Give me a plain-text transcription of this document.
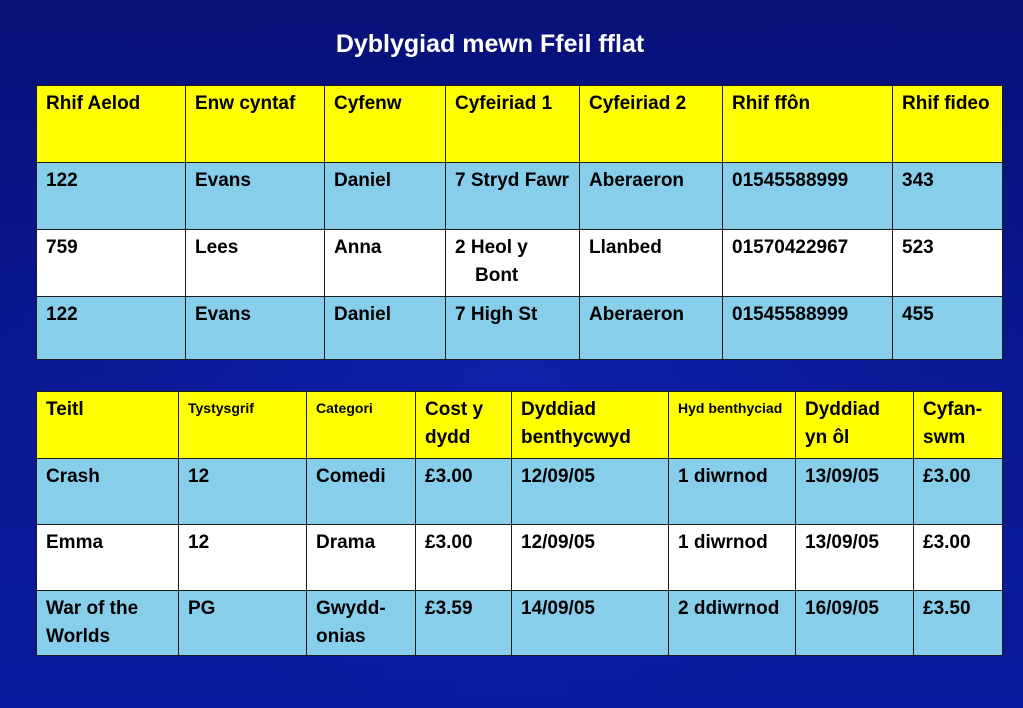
Dyblygiad mewn Ffeil fflat
Rhif Aelod	Enw cyntaf	Cyfenw	Cyfeiriad 1	Cyfeiriad 2	Rhif ffôn	Rhif fideo
122	Evans	Daniel	7 Stryd Fawr	Aberaeron	01545588999	343
759	Lees	Anna	2 Heol y Bont	Llanbed	01570422967	523
122	Evans	Daniel	7 High St	Aberaeron	01545588999	455
Teitl	Tystysgrif	Categori	Cost y dydd	Dyddiad benthycwyd	Hyd benthyciad	Dyddiad yn ôl	Cyfan-swm
Crash	12	Comedi	£3.00	12/09/05	1 diwrnod	13/09/05	£3.00
Emma	12	Drama	£3.00	12/09/05	1 diwrnod	13/09/05	£3.00
War of the Worlds	PG	Gwydd-onias	£3.59	14/09/05	2 ddiwrnod	16/09/05	£3.50
